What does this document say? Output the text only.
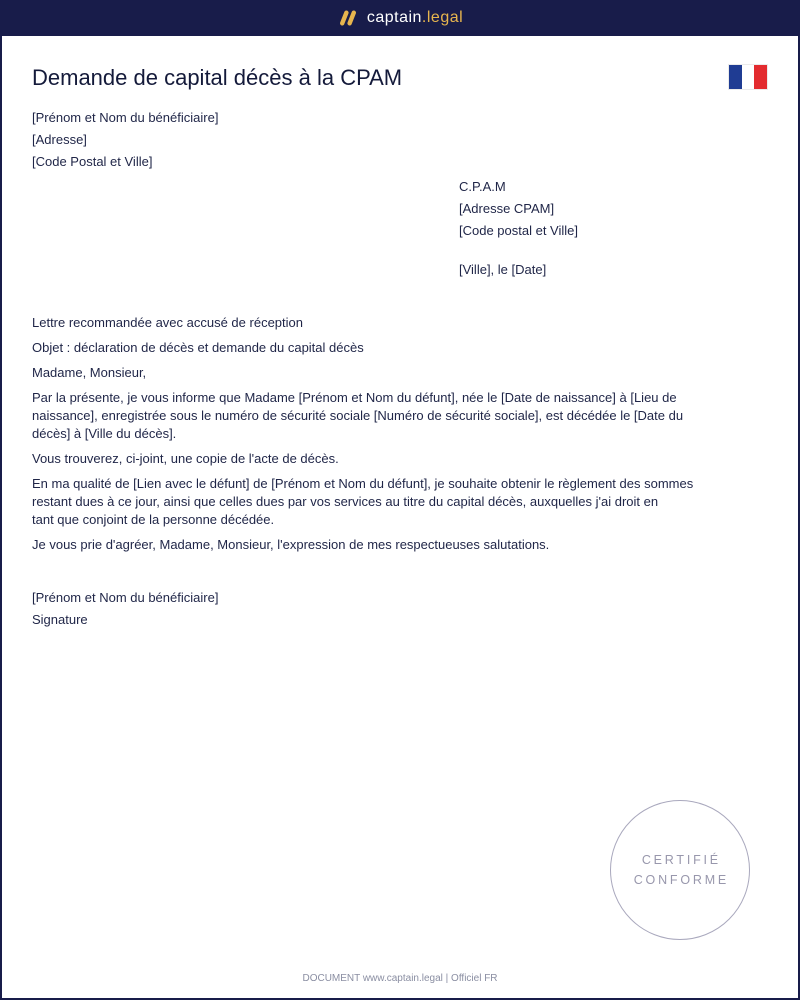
captain .legal
Demande de capital décès à la CPAM
[Prénom et Nom du bénéficiaire]
[Adresse]
[Code Postal et Ville]
C.P.A.M
[Adresse CPAM]
[Code postal et Ville]
[Ville], le [Date]

Lettre recommandée avec accusé de réception

Objet : déclaration de décès et demande du capital décès

Madame, Monsieur,

Par la présente, je vous informe que Madame [Prénom et Nom du défunt], née le [Date de naissance] à [Lieu de
naissance], enregistrée sous le numéro de sécurité sociale [Numéro de sécurité sociale], est décédée le [Date du
décès] à [Ville du décès].

Vous trouverez, ci-joint, une copie de l'acte de décès.

En ma qualité de [Lien avec le défunt] de [Prénom et Nom du défunt], je souhaite obtenir le règlement des sommes
restant dues à ce jour, ainsi que celles dues par vos services au titre du capital décès, auxquelles j'ai droit en
tant que conjoint de la personne décédée.

Je vous prie d'agréer, Madame, Monsieur, l'expression de mes respectueuses salutations.

[Prénom et Nom du bénéficiaire]
Signature
CERTIFIÉ
CONFORME
DOCUMENT www.captain.legal | Officiel FR
